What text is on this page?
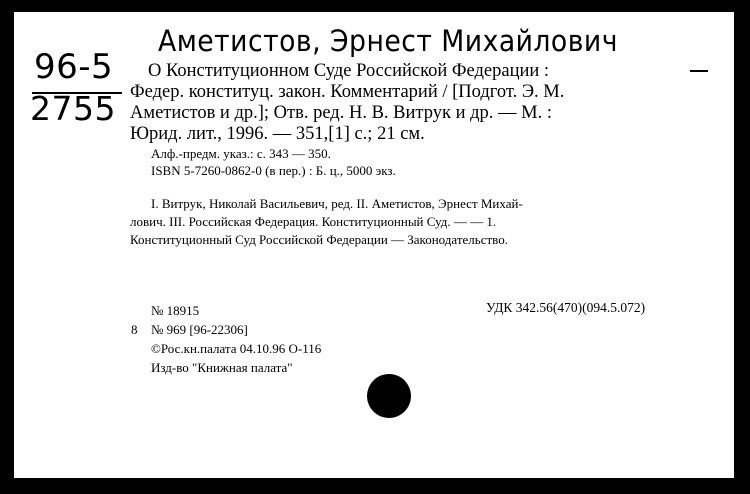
Аметистов, Эрнест Михайлович
96-5
2755
О Конституционном Суде Российской Федерации :
Федер. конституц. закон. Комментарий / [Подгот. Э. М.
Аметистов и др.]; Отв. ред. Н. В. Витрук и др. — М. :
Юрид. лит., 1996. — 351,[1] с.; 21 см.
Алф.-предм. указ.: с. 343 — 350.
ISBN 5-7260-0862-0 (в пер.) : Б. ц., 5000 экз.
I. Витрук, Николай Васильевич, ред. II. Аметистов, Эрнест Михай-
лович. III. Российская Федерация. Конституционный Суд. — — 1.
Конституционный Суд Российской Федерации — Законодательство.
№ 18915	УДК 342.56(470)(094.5.072)
8 № 969 [96-22306]
©Рос.кн.палата 04.10.96 О-116
Изд-во "Книжная палата"
